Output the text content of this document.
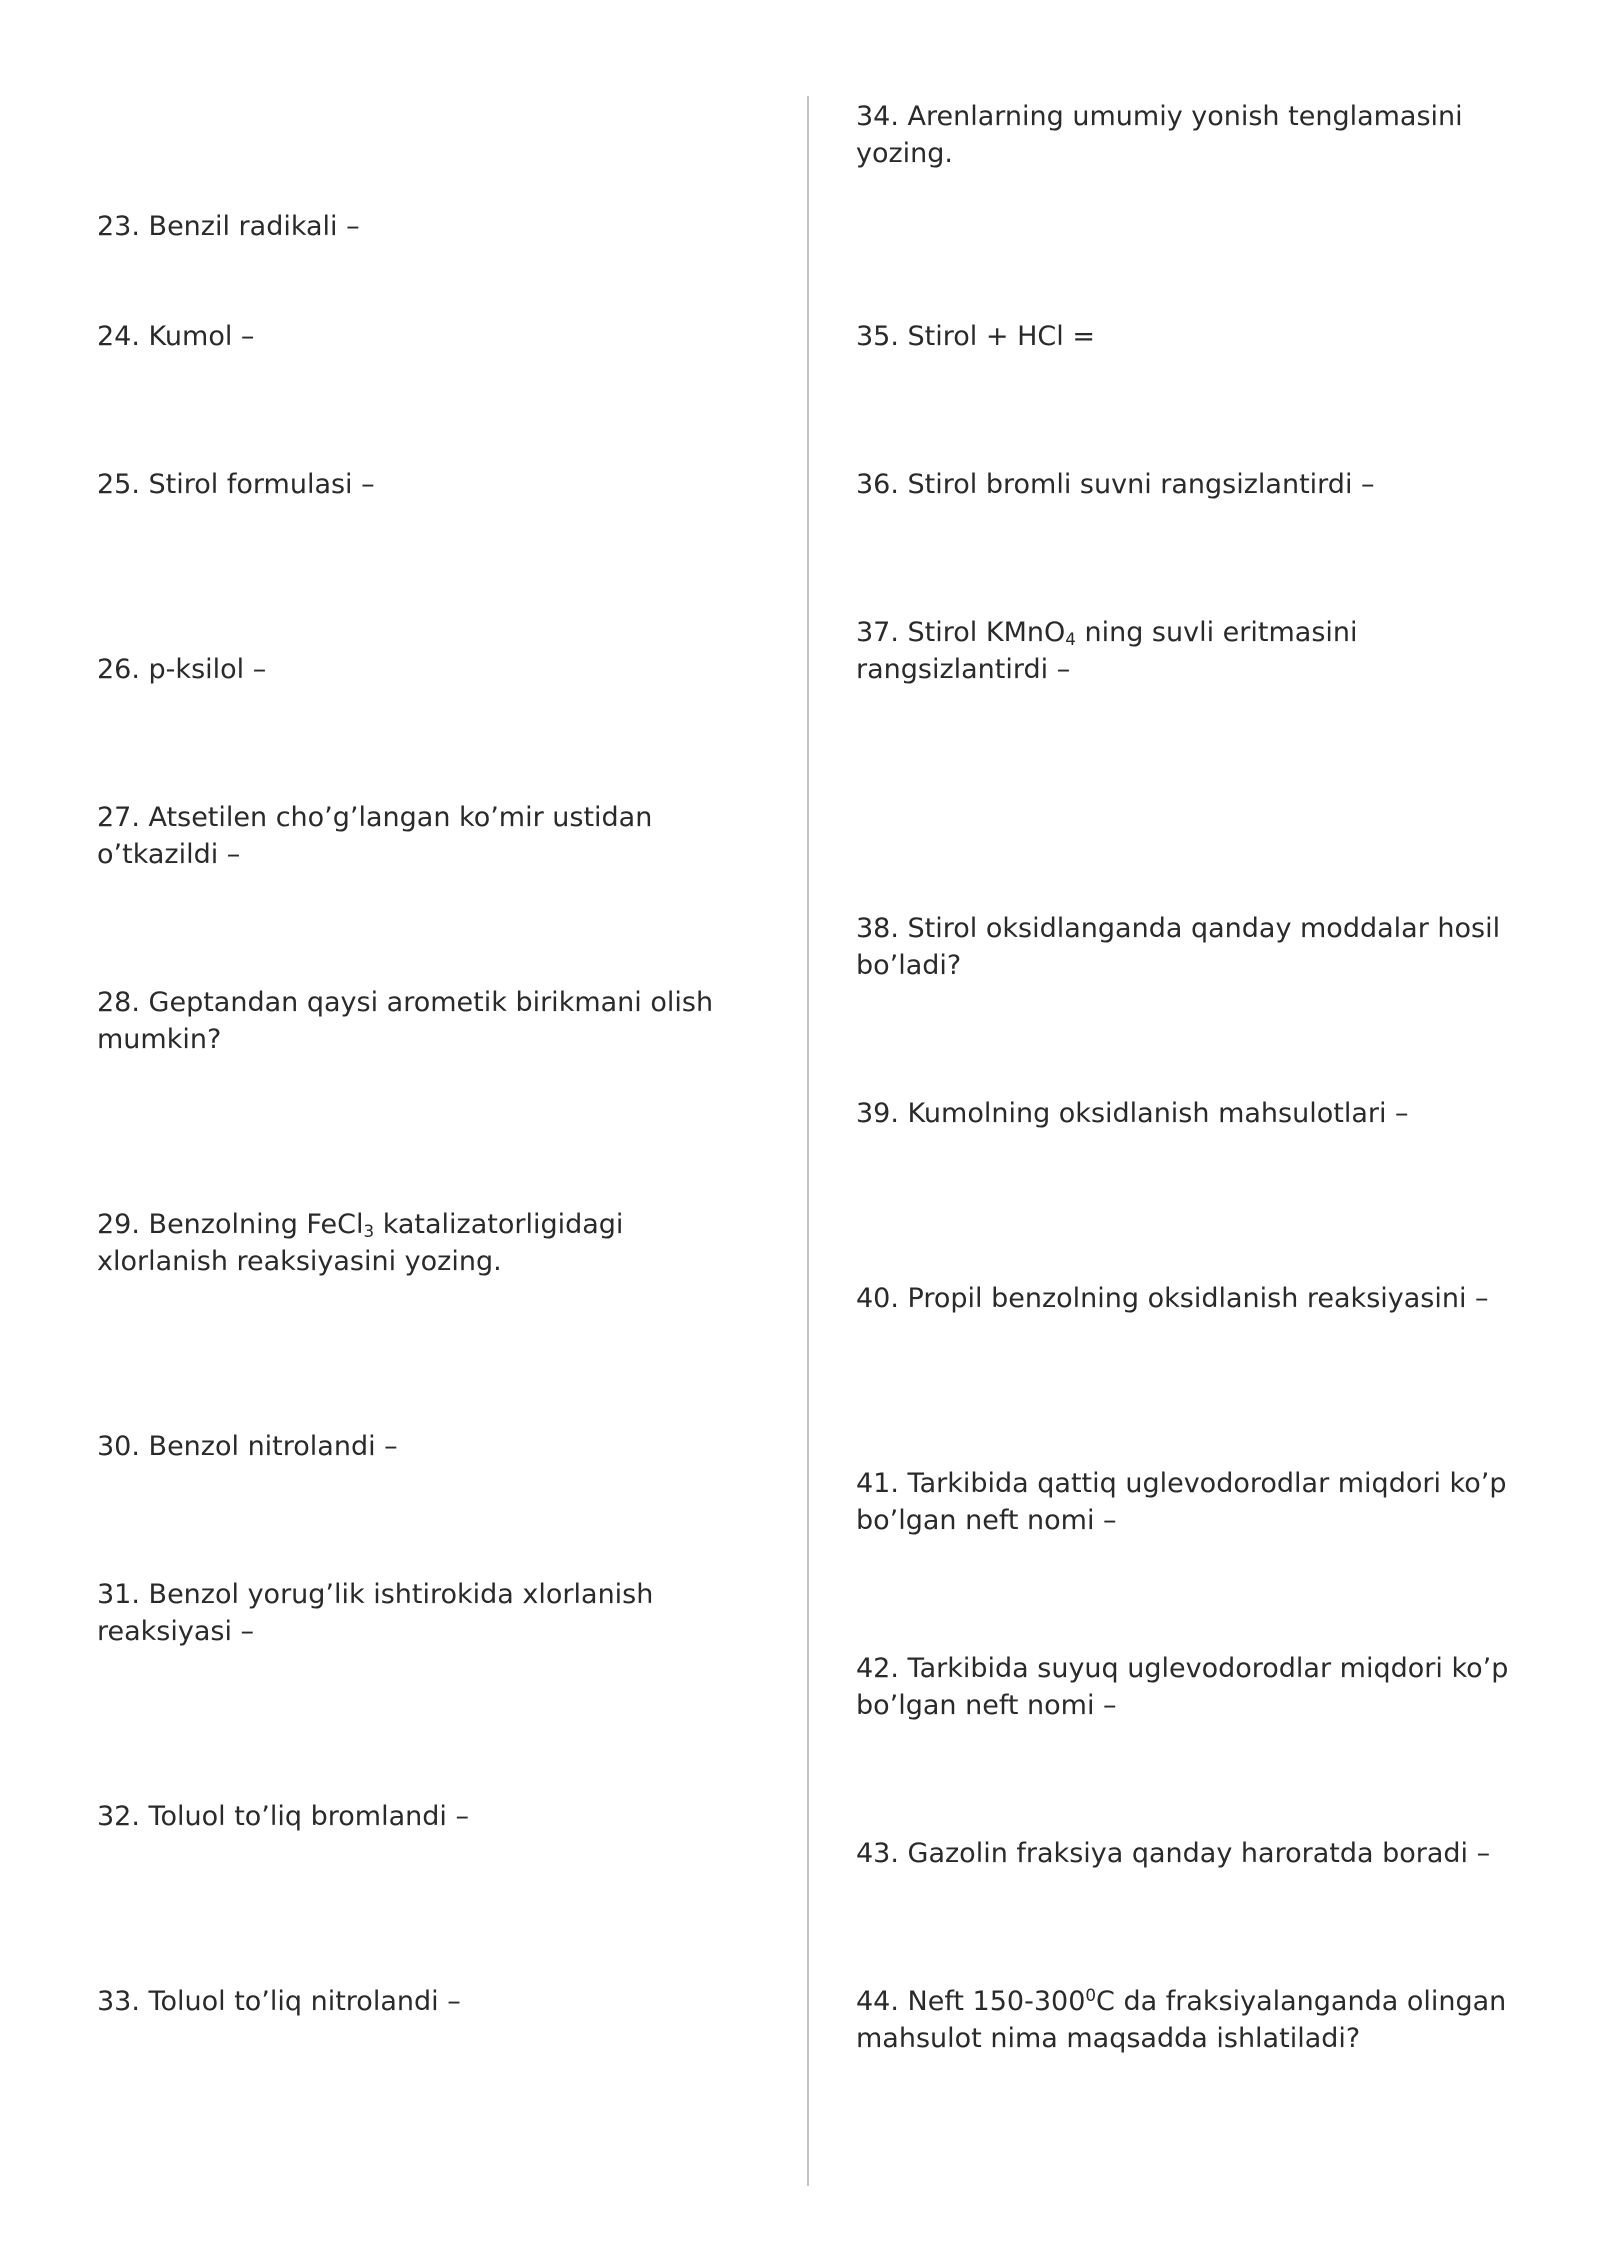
23. Benzil radikali –

24. Kumol –

25. Stirol formulasi –

26. p-ksilol –

27. Atsetilen cho’g’langan ko’mir ustidan o’tkazildi –

28. Geptandan qaysi arometik birikmani olish mumkin?

29. Benzolning FeCl$_3$ katalizatorligidagi xlorlanish reaksiyasini yozing.

30. Benzol nitrolandi –

31. Benzol yorug’lik ishtirokida xlorlanish reaksiyasi –

32. Toluol to’liq bromlandi –

33. Toluol to’liq nitrolandi –

34. Arenlarning umumiy yonish tenglamasini yozing.

35. Stirol + HCl =

36. Stirol bromli suvni rangsizlantirdi –

37. Stirol KMnO$_4$ ning suvli eritmasini rangsizlantirdi –

38. Stirol oksidlanganda qanday moddalar hosil bo’ladi?

39. Kumolning oksidlanish mahsulotlari –

40. Propil benzolning oksidlanish reaksiyasini –

41. Tarkibida qattiq uglevodorodlar miqdori ko’p bo’lgan neft nomi –

42. Tarkibida suyuq uglevodorodlar miqdori ko’p bo’lgan neft nomi –

43. Gazolin fraksiya qanday haroratda boradi –

44. Neft $150-300^0C$ da fraksiyalanganda olingan mahsulot nima maqsadda ishlatiladi?
